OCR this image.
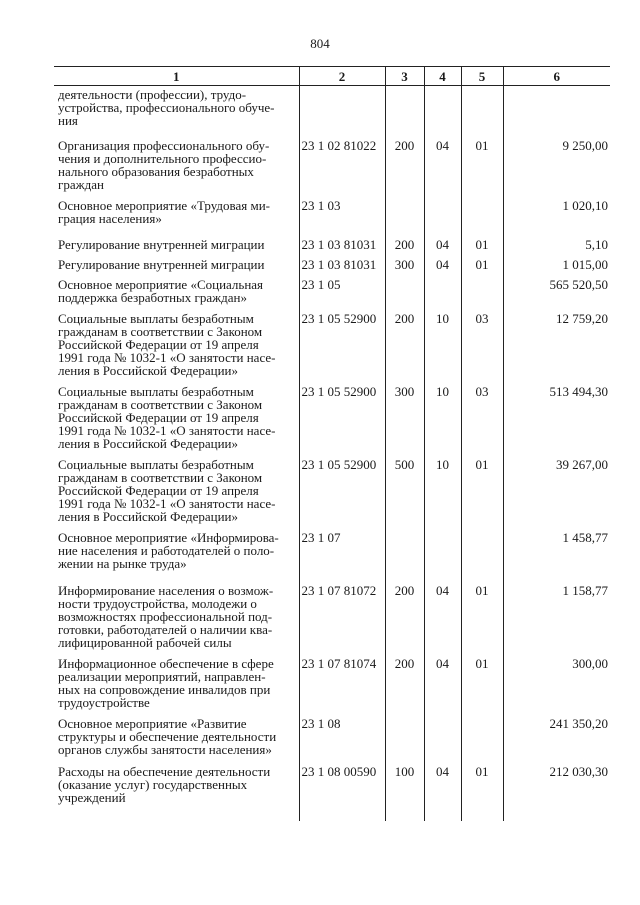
804
1	2	3	4	5	6
деятельности (профессии), трудо-
устройства, профессионального обуче-
ния					
Организация профессионального обу-
чения и дополнительного профессио-
нального образования безработных
граждан	23 1 02 81022	200	04	01	9 250,00
Основное мероприятие «Трудовая ми-
грация населения»	23 1 03				1 020,10
Регулирование внутренней миграции	23 1 03 81031	200	04	01	5,10
Регулирование внутренней миграции	23 1 03 81031	300	04	01	1 015,00
Основное мероприятие «Социальная
поддержка безработных граждан»	23 1 05				565 520,50
Социальные выплаты безработным
гражданам в соответствии с Законом
Российской Федерации от 19 апреля
1991 года № 1032-1 «О занятости насе-
ления в Российской Федерации»	23 1 05 52900	200	10	03	12 759,20
Социальные выплаты безработным
гражданам в соответствии с Законом
Российской Федерации от 19 апреля
1991 года № 1032-1 «О занятости насе-
ления в Российской Федерации»	23 1 05 52900	300	10	03	513 494,30
Социальные выплаты безработным
гражданам в соответствии с Законом
Российской Федерации от 19 апреля
1991 года № 1032-1 «О занятости насе-
ления в Российской Федерации»	23 1 05 52900	500	10	01	39 267,00
Основное мероприятие «Информирова-
ние населения и работодателей о поло-
жении на рынке труда»	23 1 07				1 458,77
Информирование населения о возмож-
ности трудоустройства, молодежи о
возможностях профессиональной под-
готовки, работодателей о наличии ква-
лифицированной рабочей силы	23 1 07 81072	200	04	01	1 158,77
Информационное обеспечение в сфере
реализации мероприятий, направлен-
ных на сопровождение инвалидов при
трудоустройстве	23 1 07 81074	200	04	01	300,00
Основное мероприятие «Развитие
структуры и обеспечение деятельности
органов службы занятости населения»	23 1 08				241 350,20
Расходы на обеспечение деятельности
(оказание услуг) государственных
учреждений	23 1 08 00590	100	04	01	212 030,30
